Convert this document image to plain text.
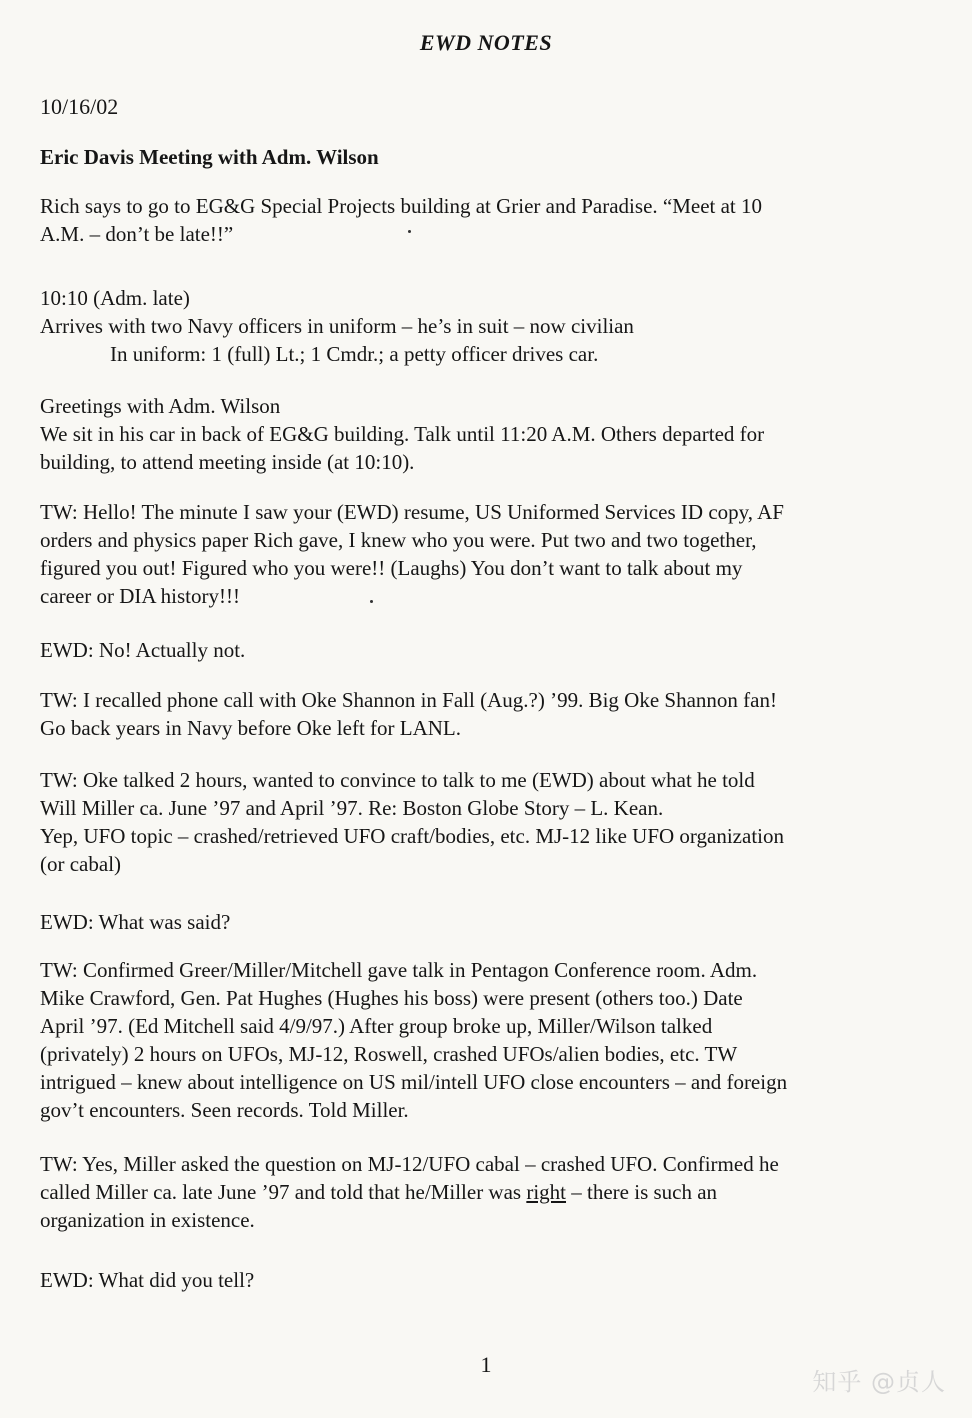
EWD NOTES
10/16/02
Eric Davis Meeting with Adm. Wilson

Rich says to go to EG&G Special Projects building at Grier and Paradise. “Meet at 10
A.M. – don’t be late!!”

10:10 (Adm. late)
Arrives with two Navy officers in uniform – he’s in suit – now civilian
In uniform: 1 (full) Lt.; 1 Cmdr.; a petty officer drives car.

Greetings with Adm. Wilson
We sit in his car in back of EG&G building. Talk until 11:20 A.M. Others departed for
building, to attend meeting inside (at 10:10).

TW: Hello! The minute I saw your (EWD) resume, US Uniformed Services ID copy, AF
orders and physics paper Rich gave, I knew who you were. Put two and two together,
figured you out! Figured who you were!! (Laughs) You don’t want to talk about my
career or DIA history!!!

EWD: No! Actually not.

TW: I recalled phone call with Oke Shannon in Fall (Aug.?) ’99. Big Oke Shannon fan!
Go back years in Navy before Oke left for LANL.

TW: Oke talked 2 hours, wanted to convince to talk to me (EWD) about what he told
Will Miller ca. June ’97 and April ’97. Re: Boston Globe Story – L. Kean.
Yep, UFO topic – crashed/retrieved UFO craft/bodies, etc. MJ-12 like UFO organization
(or cabal)

EWD: What was said?

TW: Confirmed Greer/Miller/Mitchell gave talk in Pentagon Conference room. Adm.
Mike Crawford, Gen. Pat Hughes (Hughes his boss) were present (others too.) Date
April ’97. (Ed Mitchell said 4/9/97.) After group broke up, Miller/Wilson talked
(privately) 2 hours on UFOs, MJ-12, Roswell, crashed UFOs/alien bodies, etc. TW
intrigued – knew about intelligence on US mil/intell UFO close encounters – and foreign
gov’t encounters. Seen records. Told Miller.

TW: Yes, Miller asked the question on MJ-12/UFO cabal – crashed UFO. Confirmed he
called Miller ca. late June ’97 and told that he/Miller was right – there is such an
organization in existence.

EWD: What did you tell?

1
知乎 @贞人
